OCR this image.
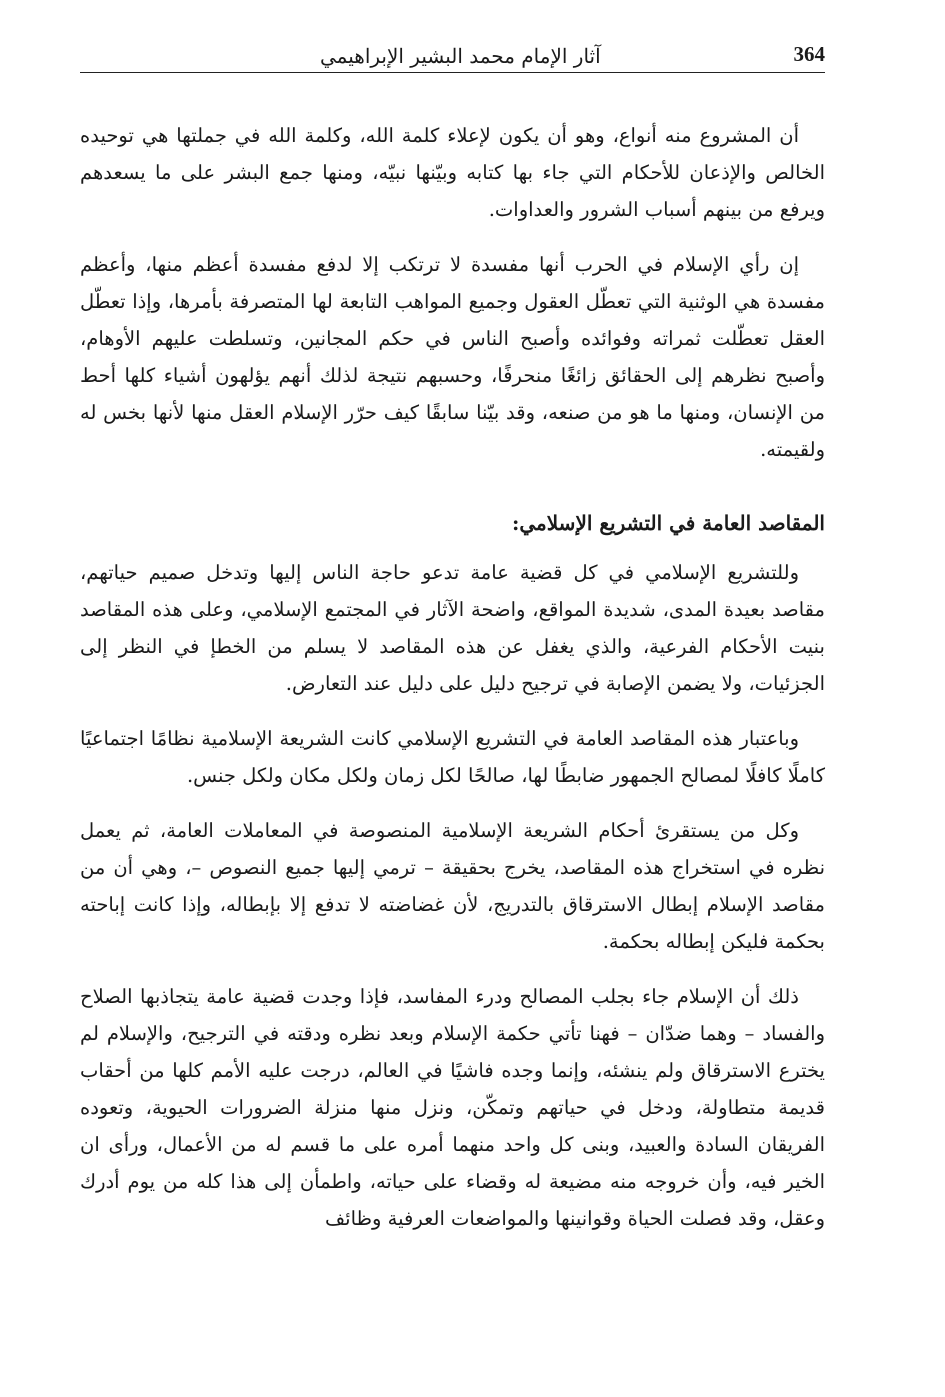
364
آثار الإمام محمد البشير الإبراهيمي

أن المشروع منه أنواع، وهو أن يكون لإعلاء كلمة الله، وكلمة الله في جملتها هي توحيده الخالص والإذعان للأحكام التي جاء بها كتابه وبيّنها نبيّه، ومنها جمع البشر على ما يسعدهم ويرفع من بينهم أسباب الشرور والعداوات.

إن رأي الإسلام في الحرب أنها مفسدة لا ترتكب إلا لدفع مفسدة أعظم منها، وأعظم مفسدة هي الوثنية التي تعطّل العقول وجميع المواهب التابعة لها المتصرفة بأمرها، وإذا تعطّل العقل تعطّلت ثمراته وفوائده وأصبح الناس في حكم المجانين، وتسلطت عليهم الأوهام، وأصبح نظرهم إلى الحقائق زائغًا منحرفًا، وحسبهم نتيجة لذلك أنهم يؤلهون أشياء كلها أحط من الإنسان، ومنها ما هو من صنعه، وقد بيّنا سابقًا كيف حرّر الإسلام العقل منها لأنها بخس له ولقيمته.

المقاصد العامة في التشريع الإسلامي:

وللتشريع الإسلامي في كل قضية عامة تدعو حاجة الناس إليها وتدخل صميم حياتهم، مقاصد بعيدة المدى، شديدة المواقع، واضحة الآثار في المجتمع الإسلامي، وعلى هذه المقاصد بنيت الأحكام الفرعية، والذي يغفل عن هذه المقاصد لا يسلم من الخطإ في النظر إلى الجزئيات، ولا يضمن الإصابة في ترجيح دليل على دليل عند التعارض.

وباعتبار هذه المقاصد العامة في التشريع الإسلامي كانت الشريعة الإسلامية نظامًا اجتماعيًا كاملًا كافلًا لمصالح الجمهور ضابطًا لها، صالحًا لكل زمان ولكل مكان ولكل جنس.

وكل من يستقرئ أحكام الشريعة الإسلامية المنصوصة في المعاملات العامة، ثم يعمل نظره في استخراج هذه المقاصد، يخرج بحقيقة – ترمي إليها جميع النصوص –، وهي أن من مقاصد الإسلام إبطال الاسترقاق بالتدريج، لأن غضاضته لا تدفع إلا بإبطاله، وإذا كانت إباحته بحكمة فليكن إبطاله بحكمة.

ذلك أن الإسلام جاء بجلب المصالح ودرء المفاسد، فإذا وجدت قضية عامة يتجاذبها الصلاح والفساد – وهما ضدّان – فهنا تأتي حكمة الإسلام وبعد نظره ودقته في الترجيح، والإسلام لم يخترع الاسترقاق ولم ينشئه، وإنما وجده فاشيًا في العالم، درجت عليه الأمم كلها من أحقاب قديمة متطاولة، ودخل في حياتهم وتمكّن، ونزل منها منزلة الضرورات الحيوية، وتعوده الفريقان السادة والعبيد، وبنى كل واحد منهما أمره على ما قسم له من الأعمال، ورأى ان الخير فيه، وأن خروجه منه مضيعة له وقضاء على حياته، واطمأن إلى هذا كله من يوم أدرك وعقل، وقد فصلت الحياة وقوانينها والمواضعات العرفية وظائف
